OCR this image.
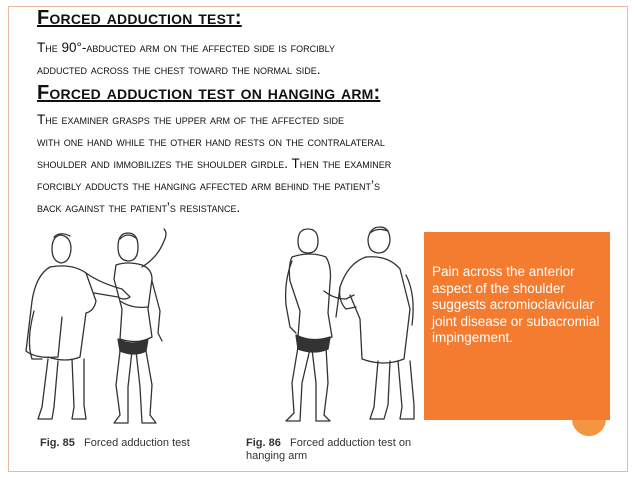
Forced adduction test:
The 90°-abducted arm on the affected side is forcibly
adducted across the chest toward the normal side.
Forced adduction test on hanging arm:
The examiner grasps the upper arm of the affected side
with one hand while the other hand rests on the contralateral
shoulder and immobilizes the shoulder girdle. Then the examiner
forcibly adducts the hanging affected arm behind the patient’s
back against the patient’s resistance.
Fig. 85 Forced adduction test	Fig. 86 Forced adduction test on hanging arm
Pain across the anterior aspect of the shoulder suggests acromioclavicular joint disease or subacromial impingement.
